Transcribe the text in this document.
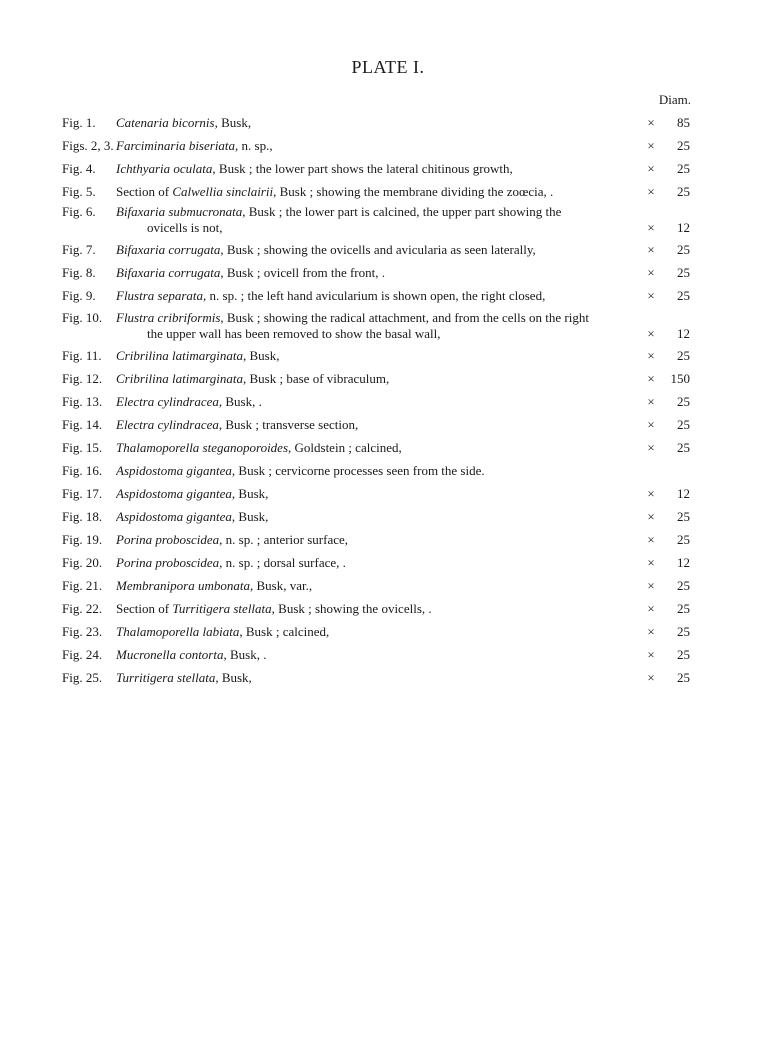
PLATE I.
Diam.
Fig. 1.	Catenaria bicornis, Busk,	×	85
Figs. 2, 3. Farciminaria biseriata, n. sp.,	×	25
Fig. 4.	Ichthyaria oculata, Busk ; the lower part shows the lateral chitinous growth,	×	25
Fig. 5.	Section of Calwellia sinclairii, Busk ; showing the membrane dividing the zoœcia, .	×	25
Fig. 6.	Bifaxaria submucronata, Busk ; the lower part is calcined, the upper part showing the
ovicells is not,	×	12
Fig. 7.	Bifaxaria corrugata, Busk ; showing the ovicells and avicularia as seen laterally,	×	25
Fig. 8.	Bifaxaria corrugata, Busk ; ovicell from the front, .	×	25
Fig. 9.	Flustra separata, n. sp. ; the left hand avicularium is shown open, the right closed,	×	25
Fig. 10.	Flustra cribriformis, Busk ; showing the radical attachment, and from the cells on the right
the upper wall has been removed to show the basal wall,	×	12
Fig. 11.	Cribrilina latimarginata, Busk,	×	25
Fig. 12.	Cribrilina latimarginata, Busk ; base of vibraculum,	×	150
Fig. 13.	Electra cylindracea, Busk, .	×	25
Fig. 14.	Electra cylindracea, Busk ; transverse section,	×	25
Fig. 15.	Thalamoporella steganoporoides, Goldstein ; calcined,	×	25
Fig. 16.	Aspidostoma gigantea, Busk ; cervicorne processes seen from the side.
Fig. 17.	Aspidostoma gigantea, Busk,	×	12
Fig. 18.	Aspidostoma gigantea, Busk,	×	25
Fig. 19.	Porina proboscidea, n. sp. ; anterior surface,	×	25
Fig. 20.	Porina proboscidea, n. sp. ; dorsal surface, .	×	12
Fig. 21.	Membranipora umbonata, Busk, var.,	×	25
Fig. 22.	Section of Turritigera stellata, Busk ; showing the ovicells, .	×	25
Fig. 23.	Thalamoporella labiata, Busk ; calcined,	×	25
Fig. 24.	Mucronella contorta, Busk, .	×	25
Fig. 25.	Turritigera stellata, Busk,	×	25
